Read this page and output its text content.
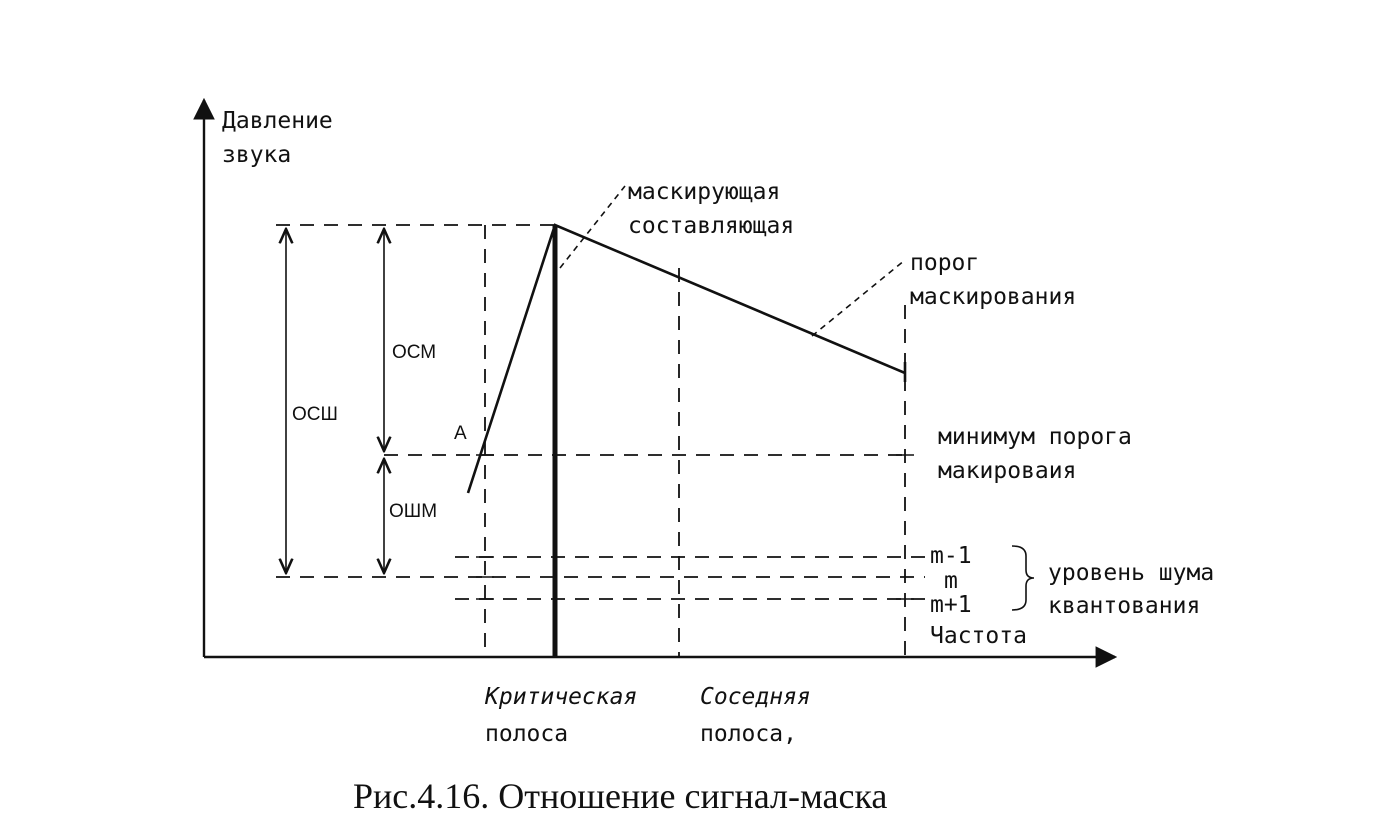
Давление
звука
маскирующая
составляющая
порог
маскирования
минимум порога
макироваия
ОСШ
ОСМ
ОШМ
A
m-1
m
m+1
уровень шума
квантования
Частота
Критическая
полоса
Соседняя
полоса,
Рис.4.16. Отношение сигнал-маска
